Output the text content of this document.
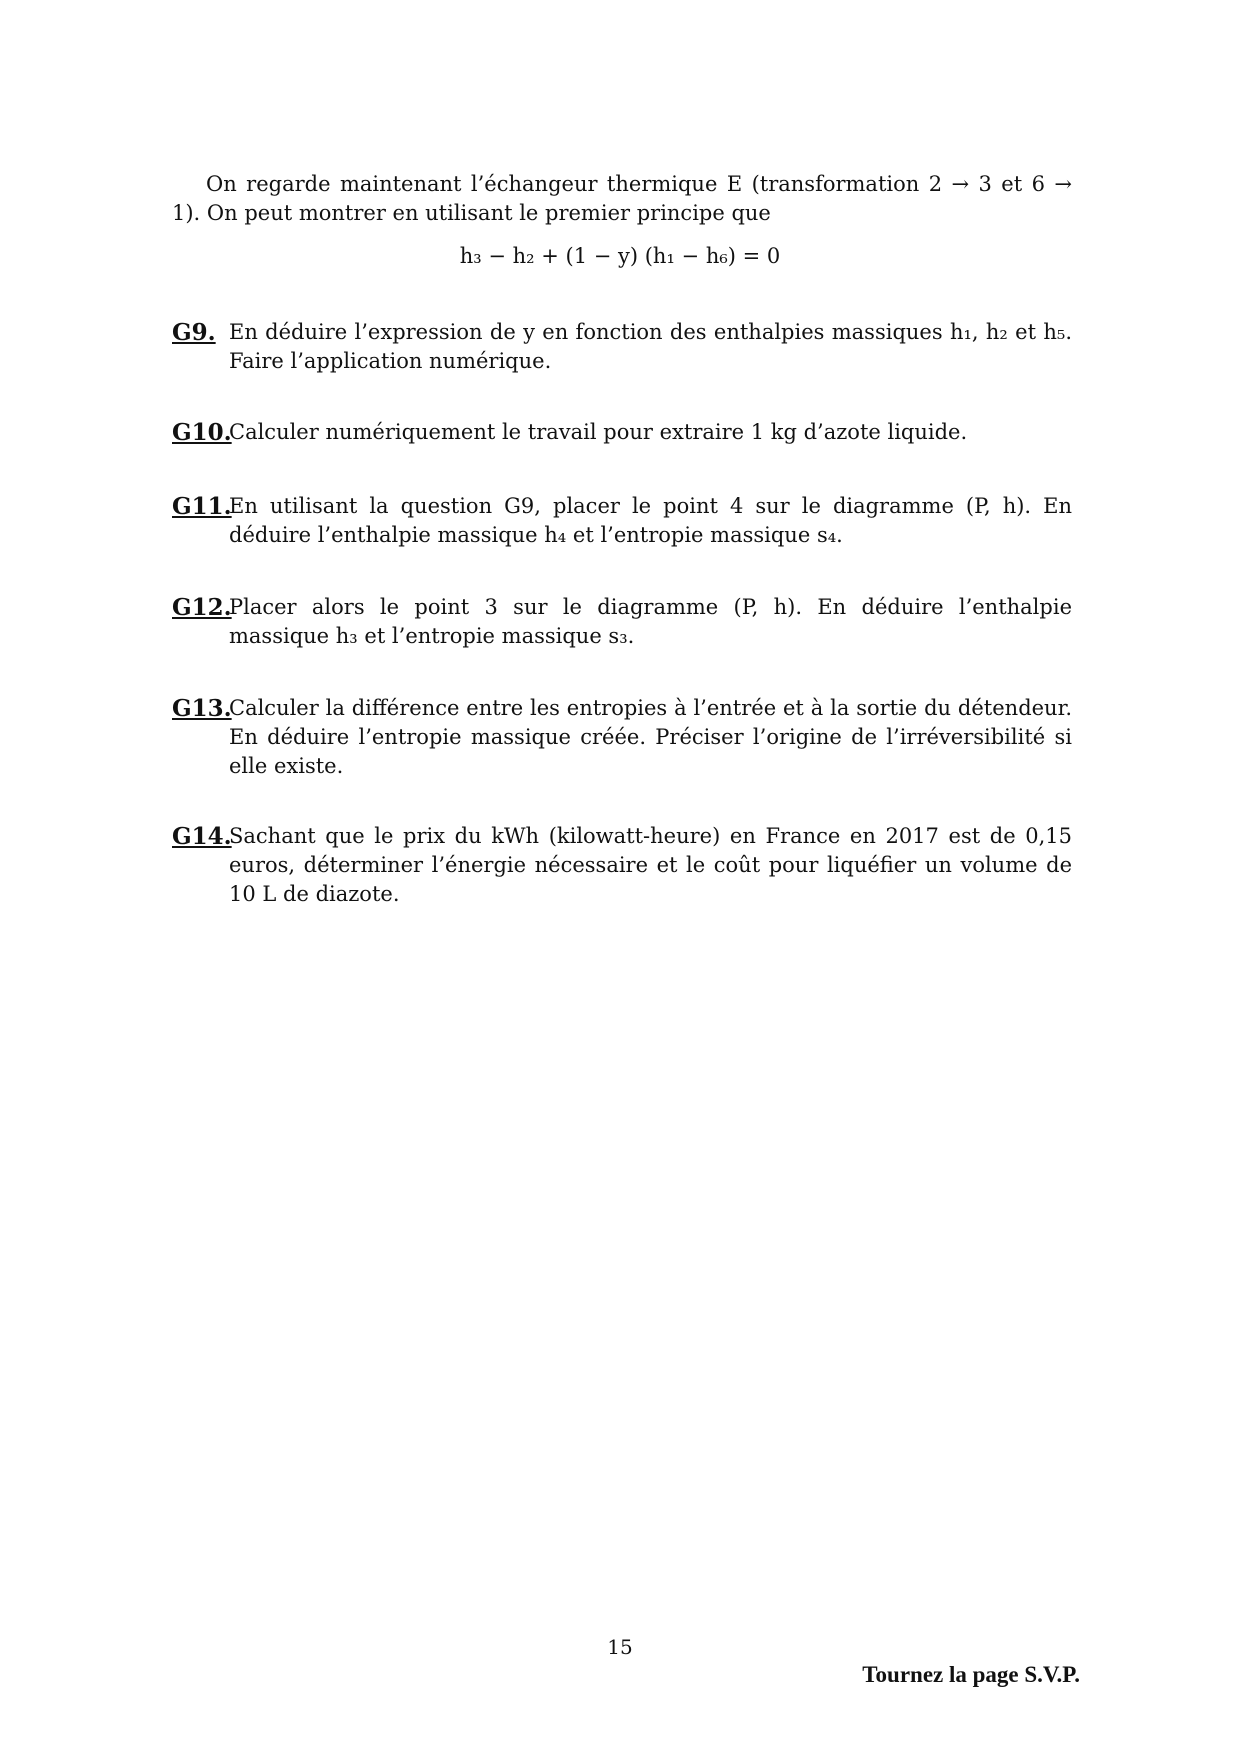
On regarde maintenant l’échangeur thermique E (transformation 2 → 3 et 6 → 1). On peut montrer en utilisant le premier principe que
h₃ − h₂ + (1 − y) (h₁ − h₆) = 0
G9. En déduire l’expression de y en fonction des enthalpies massiques h₁, h₂ et h₅. Faire l’application numérique.
G10.
Calculer numériquement le travail pour extraire 1 kg d’azote liquide.
G11.
En utilisant la question G9, placer le point 4 sur le diagramme (P, h). En déduire l’enthalpie massique h₄ et l’entropie massique s₄.
G12.
Placer alors le point 3 sur le diagramme (P, h). En déduire l’enthalpie massique h₃ et l’entropie massique s₃.
G13.
Calculer la différence entre les entropies à l’entrée et à la sortie du détendeur. En déduire l’entropie massique créée. Préciser l’origine de l’irréversibilité si elle existe.
G14.
Sachant que le prix du kWh (kilowatt-heure) en France en 2017 est de 0,15 euros, déterminer l’énergie nécessaire et le coût pour liquéfier un volume de 10 L de diazote.
15
Tournez la page S.V.P.
